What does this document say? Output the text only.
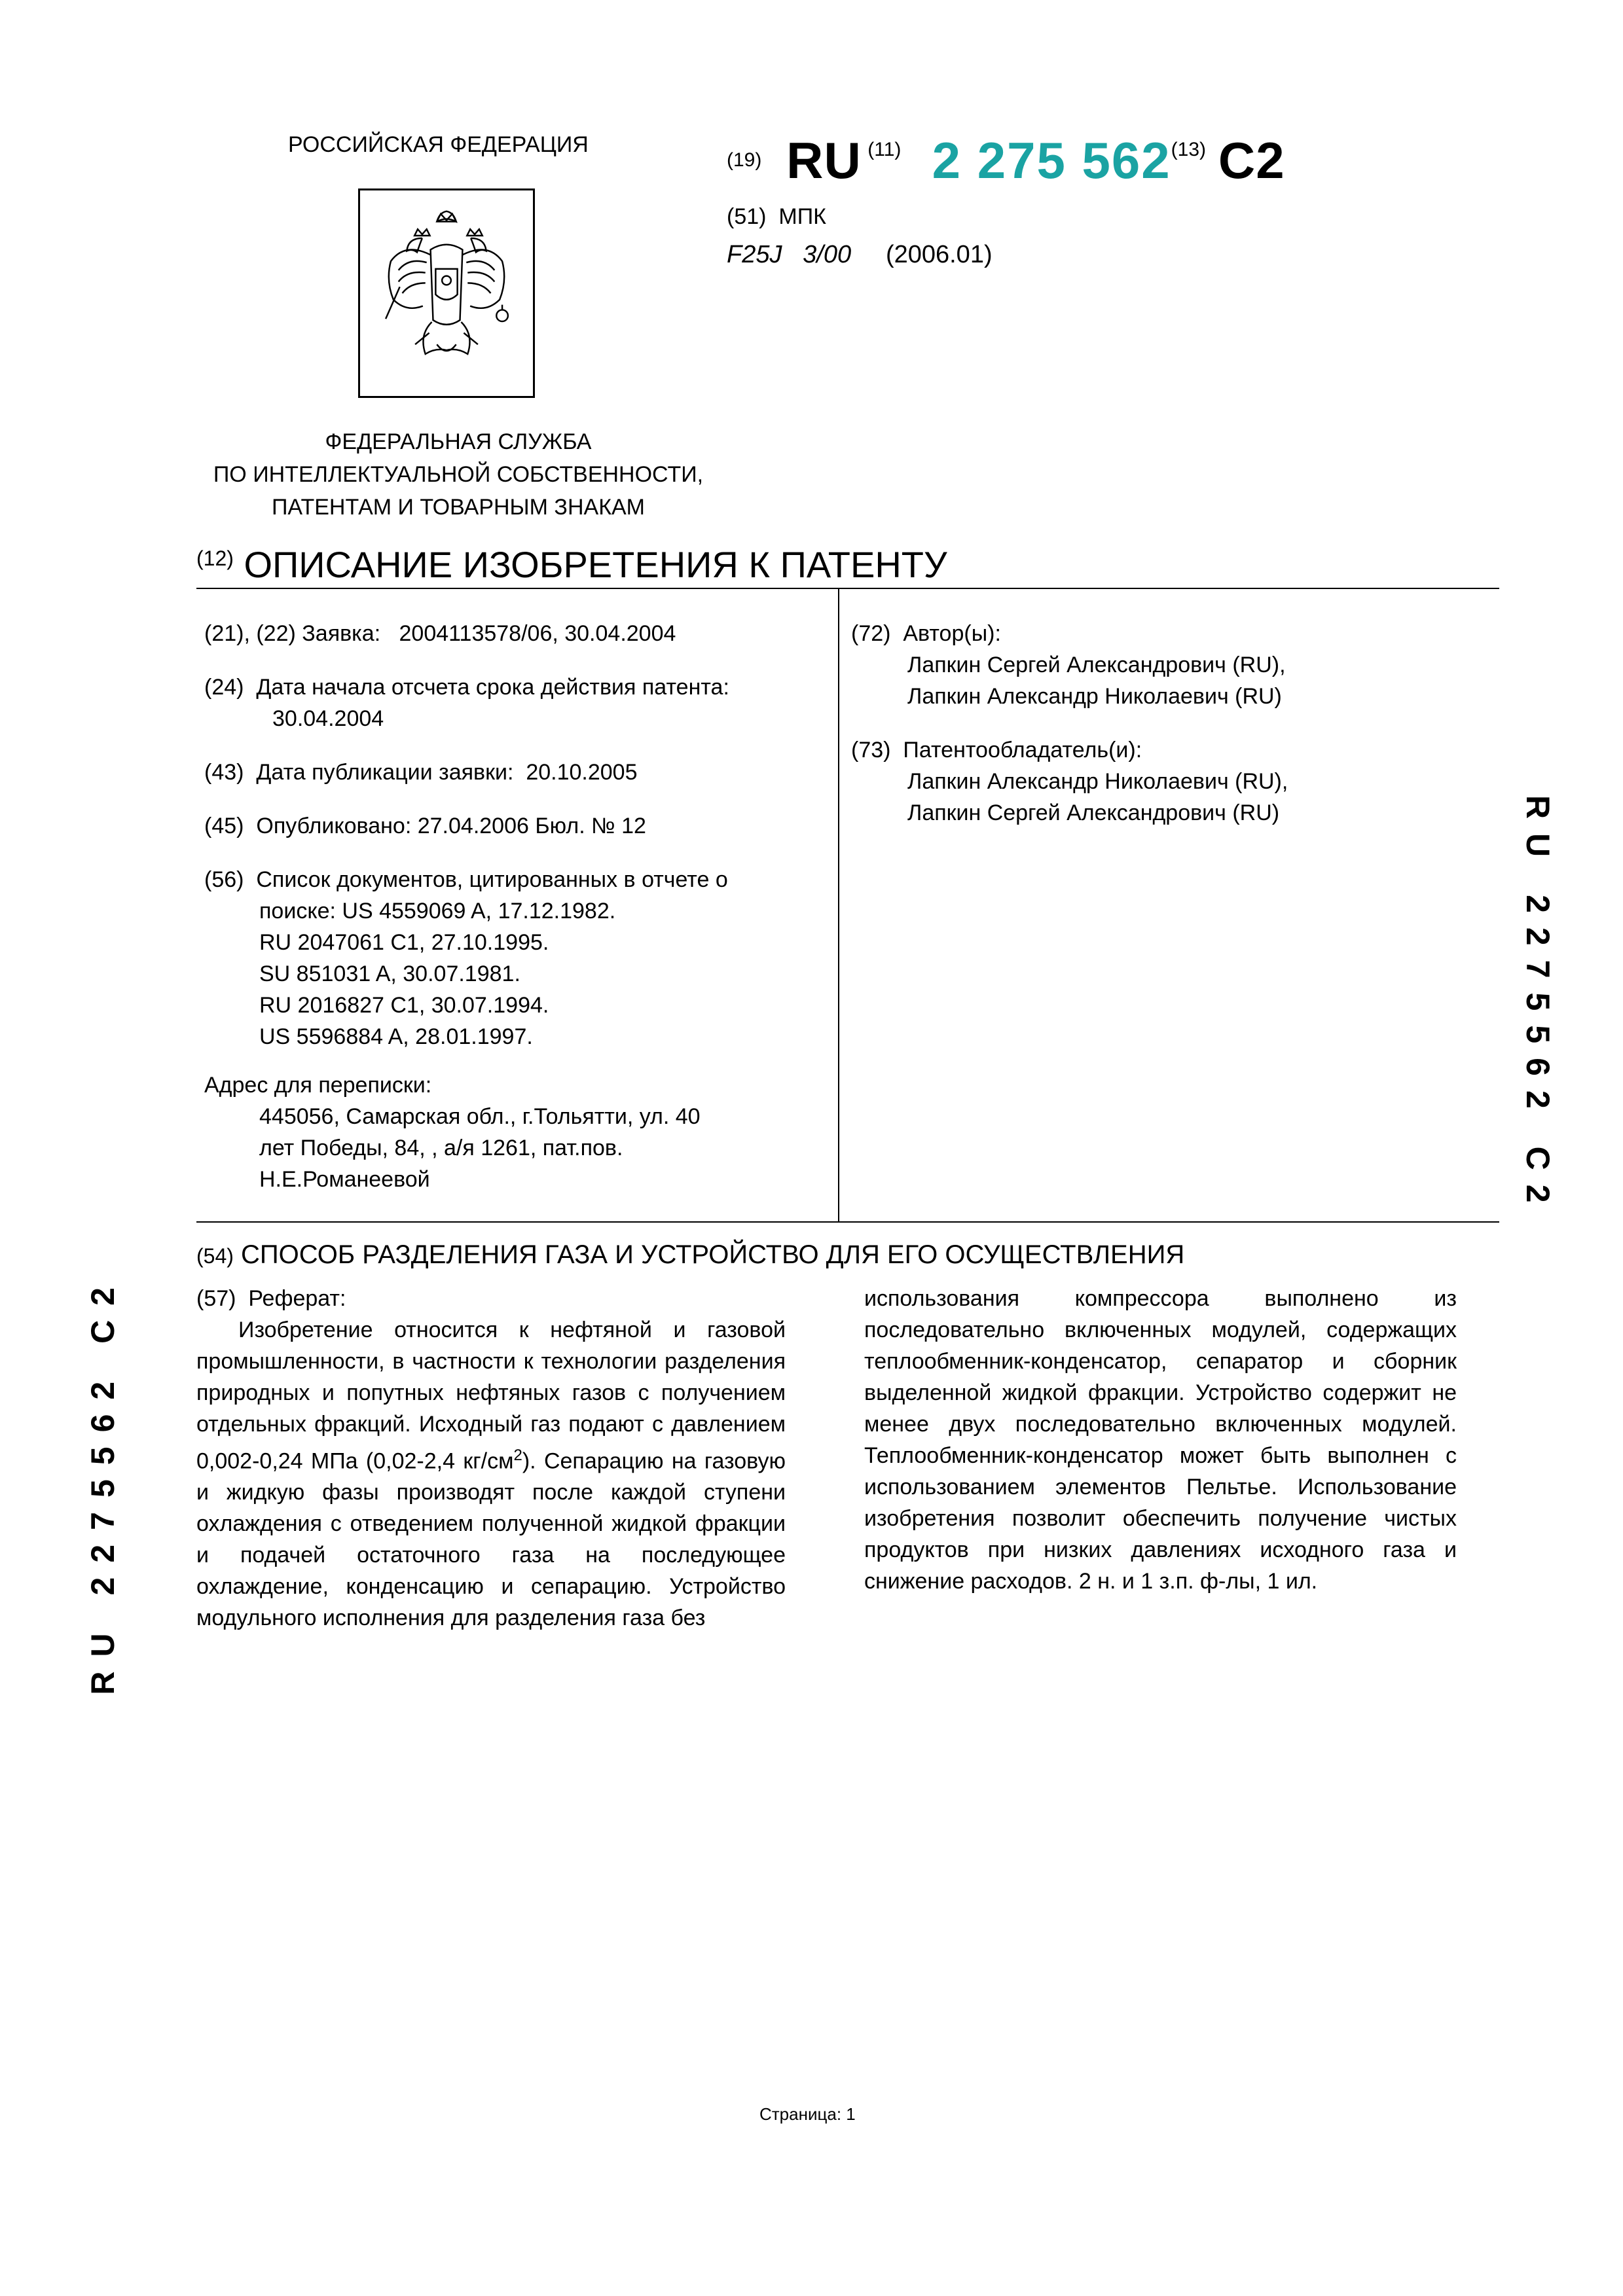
РОССИЙСКАЯ ФЕДЕРАЦИЯ
ФЕДЕРАЛЬНАЯ СЛУЖБА
ПО ИНТЕЛЛЕКТУАЛЬНОЙ СОБСТВЕННОСТИ,
ПАТЕНТАМ И ТОВАРНЫМ ЗНАКАМ
(19) RU (11) 2 275 562(13) C2
(51) МПК
F25J 3/00 (2006.01)
$^{(12)}$ ОПИСАНИЕ ИЗОБРЕТЕНИЯ К ПАТЕНТУ
(21), (22) Заявка: 2004113578/06, 30.04.2004
(24) Дата начала отсчета срока действия патента:
30.04.2004
(43) Дата публикации заявки: 20.10.2005
(45) Опубликовано: 27.04.2006 Бюл. № 12
(56) Список документов, цитированных в отчете о
поиске: US 4559069 A, 17.12.1982.
RU 2047061 C1, 27.10.1995.
SU 851031 A, 30.07.1981.
RU 2016827 C1, 30.07.1994.
US 5596884 A, 28.01.1997.
Адрес для переписки:
445056, Самарская обл., г.Тольятти, ул. 40
лет Победы, 84, , а/я 1261, пат.пов.
Н.Е.Романеевой
(72) Автор(ы):
Лапкин Сергей Александрович (RU),
Лапкин Александр Николаевич (RU)
(73) Патентообладатель(и):
Лапкин Александр Николаевич (RU),
Лапкин Сергей Александрович (RU)
(54) СПОСОБ РАЗДЕЛЕНИЯ ГАЗА И УСТРОЙСТВО ДЛЯ ЕГО ОСУЩЕСТВЛЕНИЯ
(57) Реферат:
Изобретение относится к нефтяной и газовой промышленности, в частности к технологии разделения природных и попутных нефтяных газов с получением отдельных фракций. Исходный газ подают с давлением 0,002-0,24 МПа (0,02-2,4 $кг/см^2$). Сепарацию на газовую и жидкую фазы производят после каждой ступени охлаждения с отведением полученной жидкой фракции и подачей остаточного газа на последующее охлаждение, конденсацию и сепарацию. Устройство модульного исполнения для разделения газа без
использования компрессора выполнено из последовательно включенных модулей, содержащих теплообменник-конденсатор, сепаратор и сборник выделенной жидкой фракции. Устройство содержит не менее двух последовательно включенных модулей. Теплообменник-конденсатор может быть выполнен с использованием элементов Пельтье. Использование изобретения позволит обеспечить получение чистых продуктов при низких давлениях исходного газа и снижение расходов. 2 н. и 1 з.п. ф-лы, 1 ил.
RU 2275562 C2
RU 2275562 C2
Страница: 1
